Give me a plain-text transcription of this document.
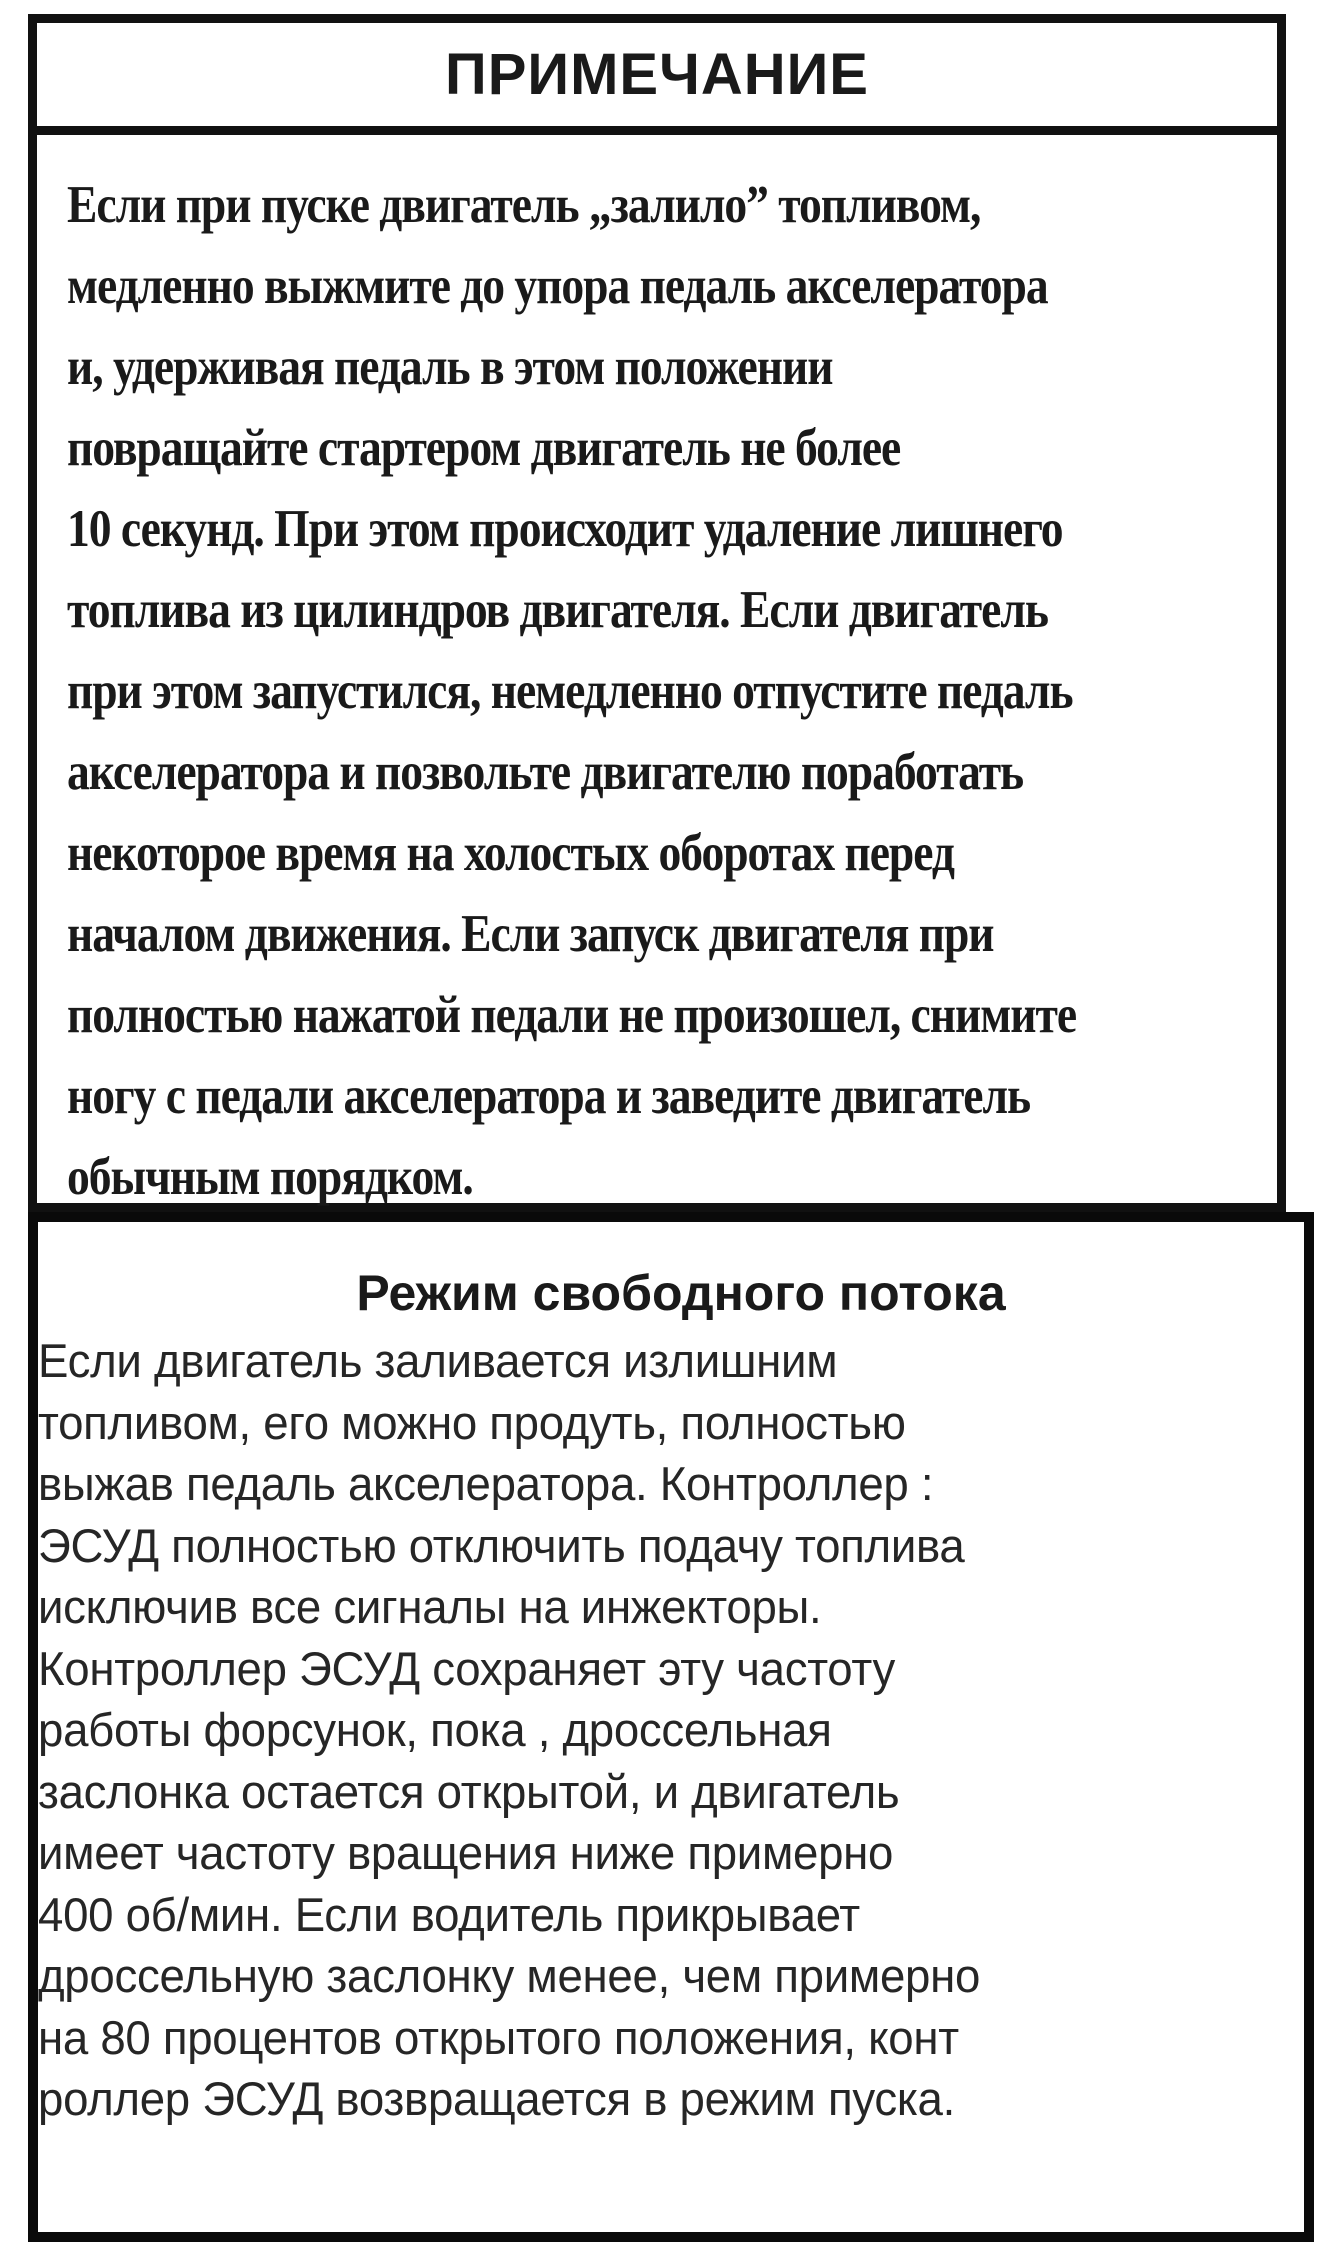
ПРИМЕЧАНИЕ
Если при пуске двигатель „залило” топливом,
медленно выжмите до упора педаль акселератора
и, удерживая педаль в этом положении
повращайте стартером двигатель не более
10 секунд. При этом происходит удаление лишнего
топлива из цилиндров двигателя. Если двигатель
при этом запустился, немедленно отпустите педаль
акселератора и позвольте двигателю поработать
некоторое время на холостых оборотах перед
началом движения. Если запуск двигателя при
полностью нажатой педали не произошел, снимите
ногу с педали акселератора и заведите двигатель
обычным порядком.
Режим свободного потока
Если двигатель заливается излишним
топливом, его можно продуть, полностью
выжав педаль акселератора. Контроллер :
ЭСУД полностью отключить подачу топлива
исключив все сигналы на инжекторы.
Контроллер ЭСУД сохраняет эту частоту
работы форсунок, пока , дроссельная
заслонка остается открытой, и двигатель
имеет частоту вращения ниже примерно
400 об/мин. Если водитель прикрывает
дроссельную заслонку менее, чем примерно
на 80 процентов открытого положения, конт
роллер ЭСУД возвращается в режим пуска.
